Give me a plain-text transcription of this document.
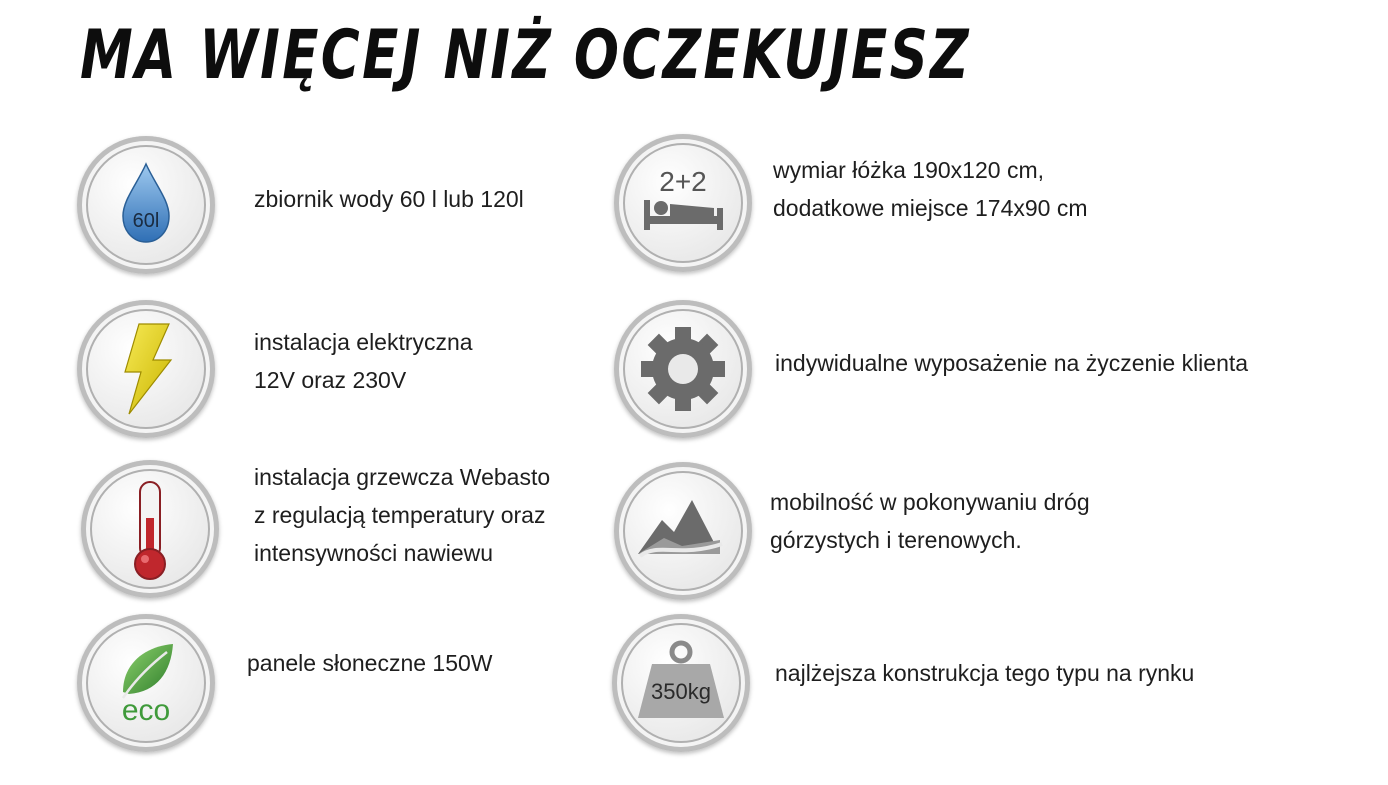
MA WIĘCEJ NIŻ OCZEKUJESZ
60l
zbiornik wody 60 l lub 120l
2+2	wymiar łóżka 190x120 cm,
dodatkowe miejsce 174x90 cm
instalacja elektryczna
12V oraz 230V
indywidualne wyposażenie na życzenie klienta
instalacja grzewcza Webasto
z regulacją temperatury oraz
intensywności nawiewu
mobilność w pokonywaniu dróg
górzystych i terenowych.
eco
panele słoneczne 150W
350kg
najlżejsza konstrukcja tego typu na rynku
